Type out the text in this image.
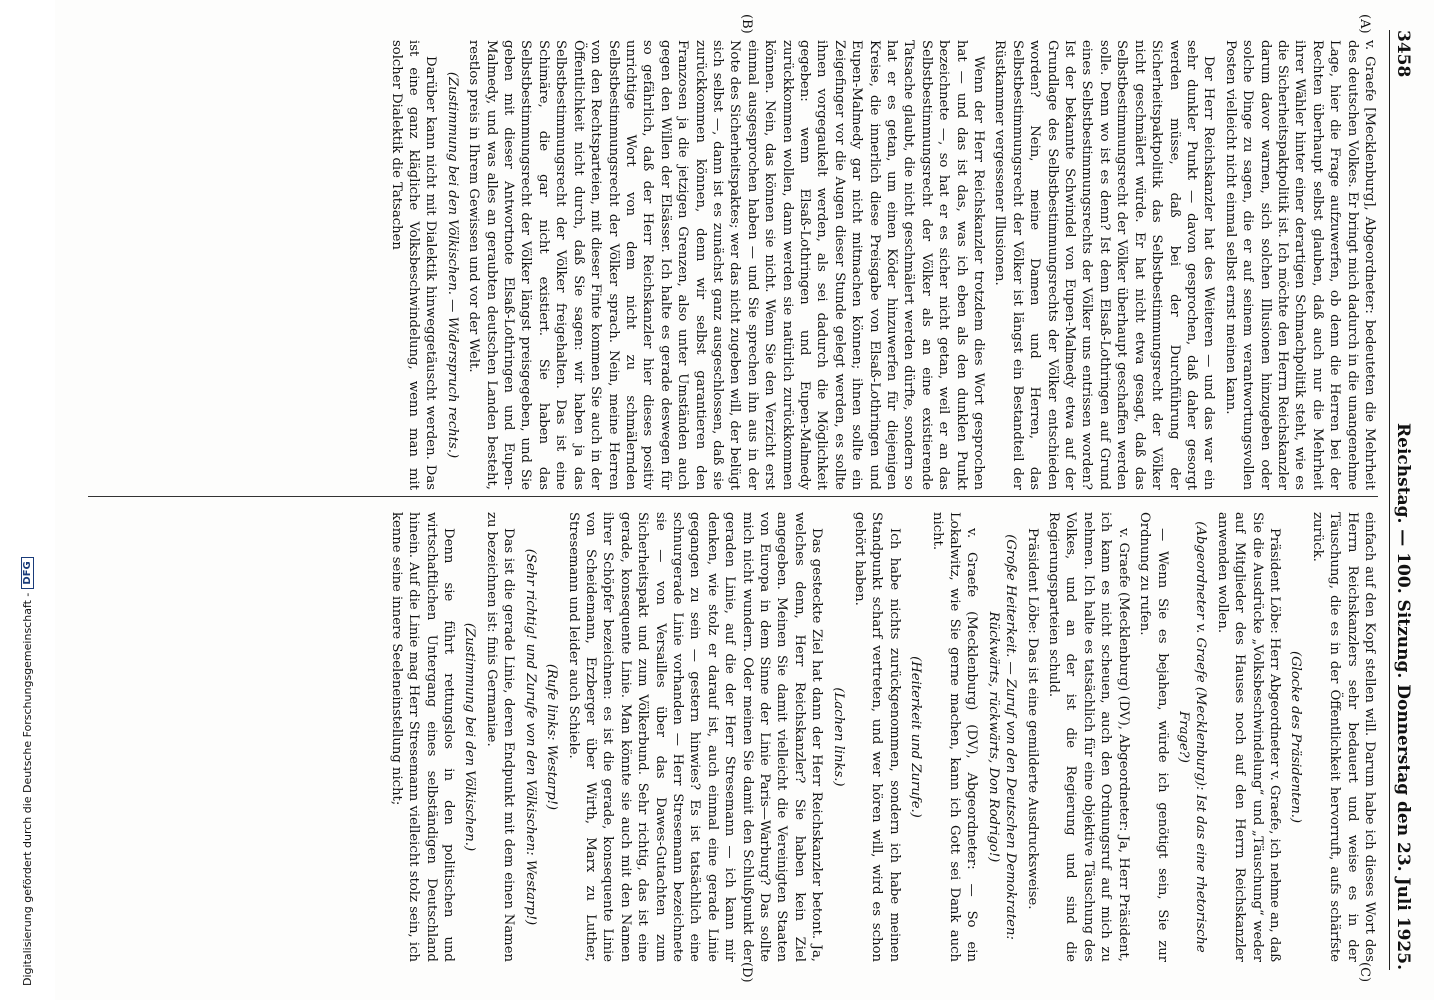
Digitalisierung gefördert durch die Deutsche Forschungsgemeinschaft -
DFG
3458
Reichstag. — 100. Sitzung. Donnerstag den 23. Juli 1925.
(A)
(B)
(C)
(D)

v. Graefe [Mecklenburg], Abgeordneter: bedeuteten die Mehrheit des deutschen Volkes. Er bringt mich dadurch in die unangenehme Lage, hier die Frage aufzuwerfen, ob denn die Herren bei der Rechten überhaupt selbst glauben, daß auch nur die Mehrheit ihrer Wähler hinter einer derartigen Schmachpolitik steht, wie es die Sicherheitspaktpolitik ist. Ich möchte den Herrn Reichskanzler darum davor warnen, sich solchen Illusionen hinzugeben oder solche Dinge zu sagen, die er auf seinem verantwortungsvollen Posten vielleicht nicht einmal selbst ernst meinen kann.

Der Herr Reichskanzler hat des Weiteren — und das war ein sehr dunkler Punkt — davon gesprochen, daß daher gesorgt werden müsse, daß bei der Durchführung der Sicherheitspaktpolitik das Selbstbestimmungsrecht der Völker nicht geschmälert würde. Er hat nicht etwa gesagt, daß das Selbstbestimmungsrecht der Völker überhaupt geschaffen werden solle. Denn wo ist es denn? Ist denn Elsaß-Lothringen auf Grund eines Selbstbestimmungsrechts der Völker uns entrissen worden? Ist der bekannte Schwindel von Eupen-Malmedy etwa auf der Grundlage des Selbstbestimmungsrechts der Völker entschieden worden? Nein, meine Damen und Herren, das Selbstbestimmungsrecht der Völker ist längst ein Bestandteil der Rüstkammer vergessener Illusionen.

Wenn der Herr Reichskanzler trotzdem dies Wort gesprochen hat — und das ist das, was ich eben als den dunklen Punkt bezeichnete —, so hat er es sicher nicht getan, weil er an das Selbstbestimmungsrecht der Völker als an eine existierende Tatsache glaubt, die nicht geschmälert werden dürfte, sondern so hat er es getan, um einen Köder hinzuwerfen für diejenigen Kreise, die innerlich diese Preisgabe von Elsaß-Lothringen und Eupen-Malmedy gar nicht mitmachen können; ihnen sollte ein Zeigefinger vor die Augen dieser Stunde gelegt werden, es sollte ihnen vorgegaukelt werden, als sei dadurch die Möglichkeit gegeben: wenn Elsaß-Lothringen und Eupen-Malmedy zurückkommen wollen, dann werden sie natürlich zurückkommen können. Nein, das können sie nicht. Wenn Sie den Verzicht erst einmal ausgesprochen haben — und Sie sprechen ihn aus in der Note des Sicherheitspaktes; wer das nicht zugeben will, der belügt sich selbst —, dann ist es zunächst ganz ausgeschlossen, daß sie zurückkommen können, denn wir selbst garantieren den Franzosen ja die jetzigen Grenzen, also unter Umständen auch gegen den Willen der Elsässer. Ich halte es gerade deswegen für so gefährlich, daß der Herr Reichskanzler hier dieses positiv unrichtige Wort von dem nicht zu schmälernden Selbstbestimmungsrecht der Völker sprach. Nein, meine Herren von den Rechtsparteien, mit dieser Finte kommen Sie auch in der Öffentlichkeit nicht durch, daß Sie sagen: wir haben ja das Selbstbestimmungsrecht der Völker freigehalten. Das ist eine Schimäre, die gar nicht existiert. Sie haben das Selbstbestimmungsrecht der Völker längst preisgegeben, und Sie geben mit dieser Antwortnote Elsaß-Lothringen und Eupen-Malmedy, und was alles an geraubten deutschen Landen besteht, restlos preis in Ihrem Gewissen und vor der Welt.

(Zustimmung bei den Völkischen. — Widerspruch rechts.)

Darüber kann nicht mit Dialektik hinweggetäuscht werden. Das ist eine ganz klägliche Volksbeschwindelung, wenn man mit solcher Dialektik die Tatsachen

einfach auf den Kopf stellen will. Darum habe ich dieses Wort des Herrn Reichskanzlers sehr bedauert und weise es in der Täuschung, die es in der Öffentlichkeit hervorruft, aufs schärfste zurück.

(Glocke des Präsidenten.)

Präsident Löbe: Herr Abgeordneter v. Graefe, ich nehme an, daß Sie die Ausdrücke „Volksbeschwindelung“ und „Täuschung“ weder auf Mitglieder des Hauses noch auf den Herrn Reichskanzler anwenden wollen.

(Abgeordneter v. Graefe (Mecklenburg): Ist das eine rhetorische Frage?)

— Wenn Sie es bejahen, würde ich genötigt sein, Sie zur Ordnung zu rufen.

v. Graefe (Mecklenburg) (DV), Abgeordneter: Ja, Herr Präsident, ich kann es nicht scheuen, auch den Ordnungsruf auf mich zu nehmen. Ich halte es tatsächlich für eine objektive Täuschung des Volkes, und an der ist die Regierung und sind die Regierungsparteien schuld.

Präsident Löbe: Das ist eine gemilderte Ausdrucksweise.

(Große Heiterkeit. — Zuruf von den Deutschen Demokraten: Rückwärts, rückwärts, Don Rodrigo!)

v. Graefe (Mecklenburg) (DV), Abgeordneter: — So ein Lokalwitz, wie Sie gerne machen, kann ich Gott sei Dank auch nicht.

(Heiterkeit und Zurufe.)

Ich habe nichts zurückgenommen, sondern ich habe meinen Standpunkt scharf vertreten, und wer hören will, wird es schon gehört haben.

(Lachen links.)

Das gesteckte Ziel hat dann der Herr Reichskanzler betont. Ja, welches denn, Herr Reichskanzler? Sie haben kein Ziel angegeben. Meinen Sie damit vielleicht die Vereinigten Staaten von Europa in dem Sinne der Linie Paris—Warburg? Das sollte mich nicht wundern. Oder meinen Sie damit den Schlußpunkt der geraden Linie, auf die der Herr Stresemann — ich kann mir denken, wie stolz er darauf ist, auch einmal eine gerade Linie gegangen zu sein — gestern hinwies? Es ist tatsächlich eine schnurgerade Linie vorhanden — Herr Stresemann bezeichnete sie — von Versailles über das Dawes-Gutachten zum Sicherheitspakt und zum Völkerbund. Sehr richtig, das ist eine gerade, konsequente Linie. Man könnte sie auch mit den Namen ihrer Schöpfer bezeichnen: es ist die gerade, konsequente Linie von Scheidemann, Erzberger über Wirth, Marx zu Luther, Stresemann und leider auch Schiele.

(Rufe links: Westarp!)

(Sehr richtig! und Zurufe von den Völkischen: Westarp!)

Das ist die gerade Linie, deren Endpunkt mit dem einen Namen zu bezeichnen ist: finis Germaniae.

(Zustimmung bei den Völkischen.)

Denn sie führt rettungslos in den politischen und wirtschaftlichen Untergang eines selbständigen Deutschland hinein. Auf die Linie mag Herr Stresemann vielleicht stolz sein, ich kenne seine innere Seeleneinstellung nicht;
